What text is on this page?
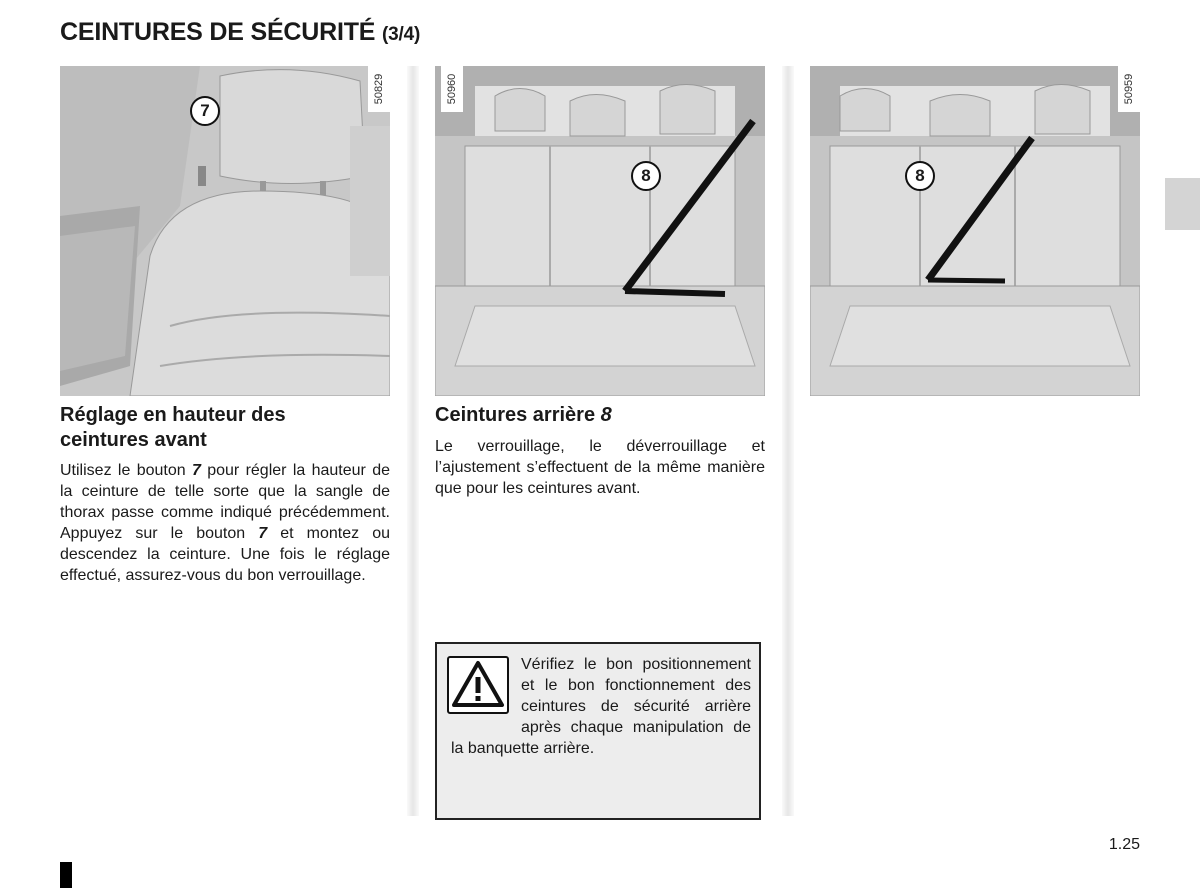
CEINTURES DE SÉCURITÉ (3/4)
50829
7
50960
8
50959
8
Réglage en hauteur des
ceintures avant

Utilisez le bouton 7 pour régler la hauteur de la ceinture de telle sorte que la sangle de thorax passe comme indiqué précédemment. Appuyez sur le bouton 7 et montez ou descendez la ceinture. Une fois le réglage effectué, assurez-vous du bon verrouillage.

Ceintures arrière 8

Le verrouillage, le déverrouillage et l’ajustement s’effectuent de la même manière que pour les ceintures avant.

Vérifiez le bon positionnement et le bon fonctionnement des ceintures de sécurité arrière après chaque manipulation de la banquette arrière.

1.25
